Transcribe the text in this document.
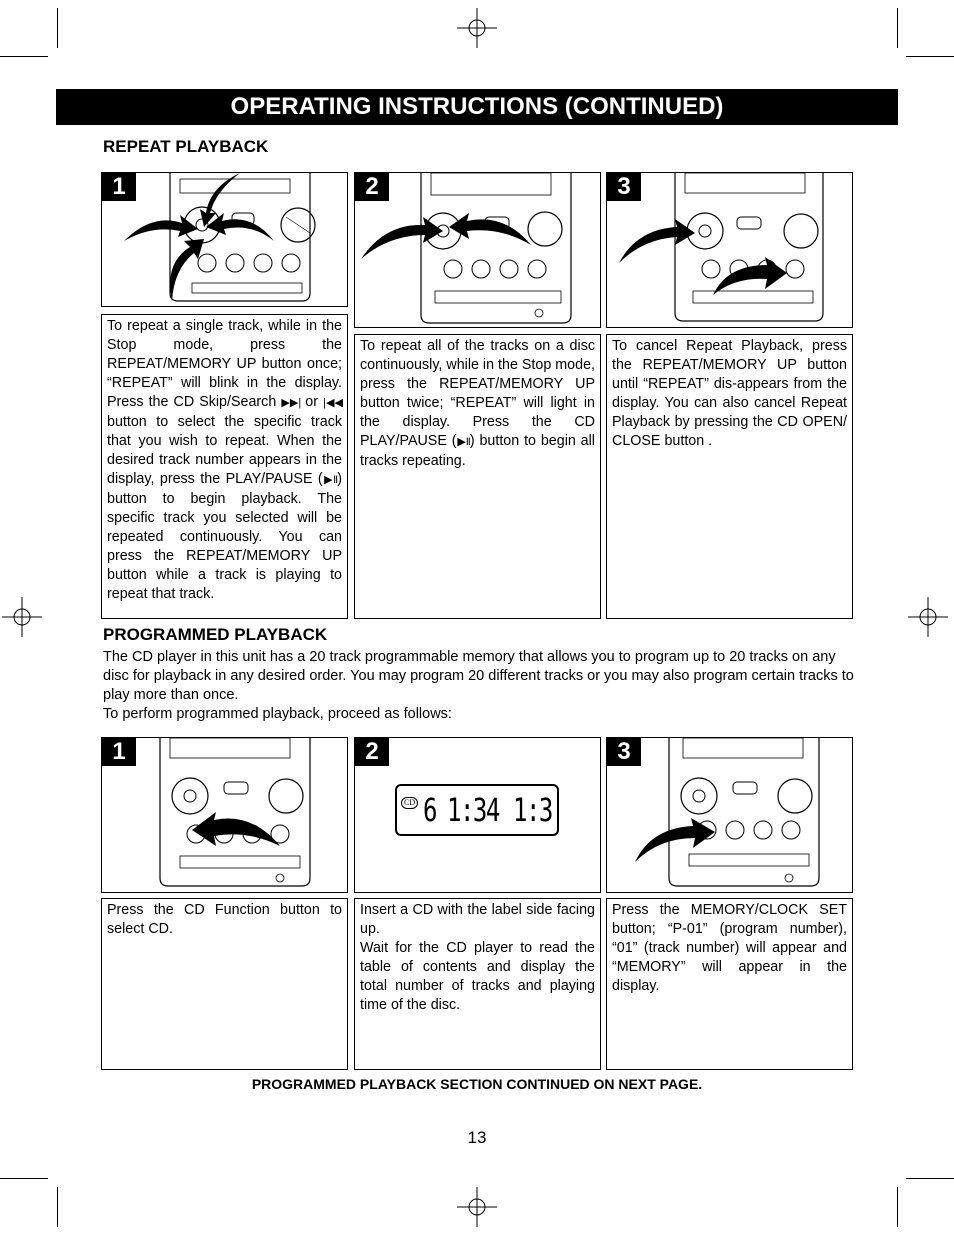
OPERATING INSTRUCTIONS (CONTINUED)
REPEAT PLAYBACK
1

To repeat a single track, while in the Stop mode, press the REPEAT/MEMORY UP button once; “REPEAT” will blink in the display. Press the CD Skip/Search ▶▶| or |◀◀ button to select the specific track that you wish to repeat. When the desired track number appears in the display, press the PLAY/PAUSE (▶II) button to begin playback. The specific track you selected will be repeated continuously. You can press the REPEAT/MEMORY UP button while a track is playing to repeat that track.

2

To repeat all of the tracks on a disc continuously, while in the Stop mode, press the REPEAT/MEMORY UP button twice; “REPEAT” will light in the display. Press the CD PLAY/PAUSE (▶II) button to begin all tracks repeating.

3

To cancel Repeat Playback, press the REPEAT/MEMORY UP button until “REPEAT” dis-appears from the display. You can also cancel Repeat Playback by pressing the CD OPEN/ CLOSE button .

PROGRAMMED PLAYBACK

The CD player in this unit has a 20 track programmable memory that allows you to program up to 20 tracks on any disc for playback in any desired order. You may program 20 different tracks or you may also program certain tracks to play more than once.

To perform programmed playback, proceed as follows:

1

Press the CD Function button to select CD.

2
CD 6 1:34 1:3

Insert a CD with the label side facing up.

Wait for the CD player to read the table of contents and display the total number of tracks and playing time of the disc.

3

Press the MEMORY/CLOCK SET button; “P-01” (program number), “01” (track number) will appear and “MEMORY” will appear in the display.

PROGRAMMED PLAYBACK SECTION CONTINUED ON NEXT PAGE.
13
